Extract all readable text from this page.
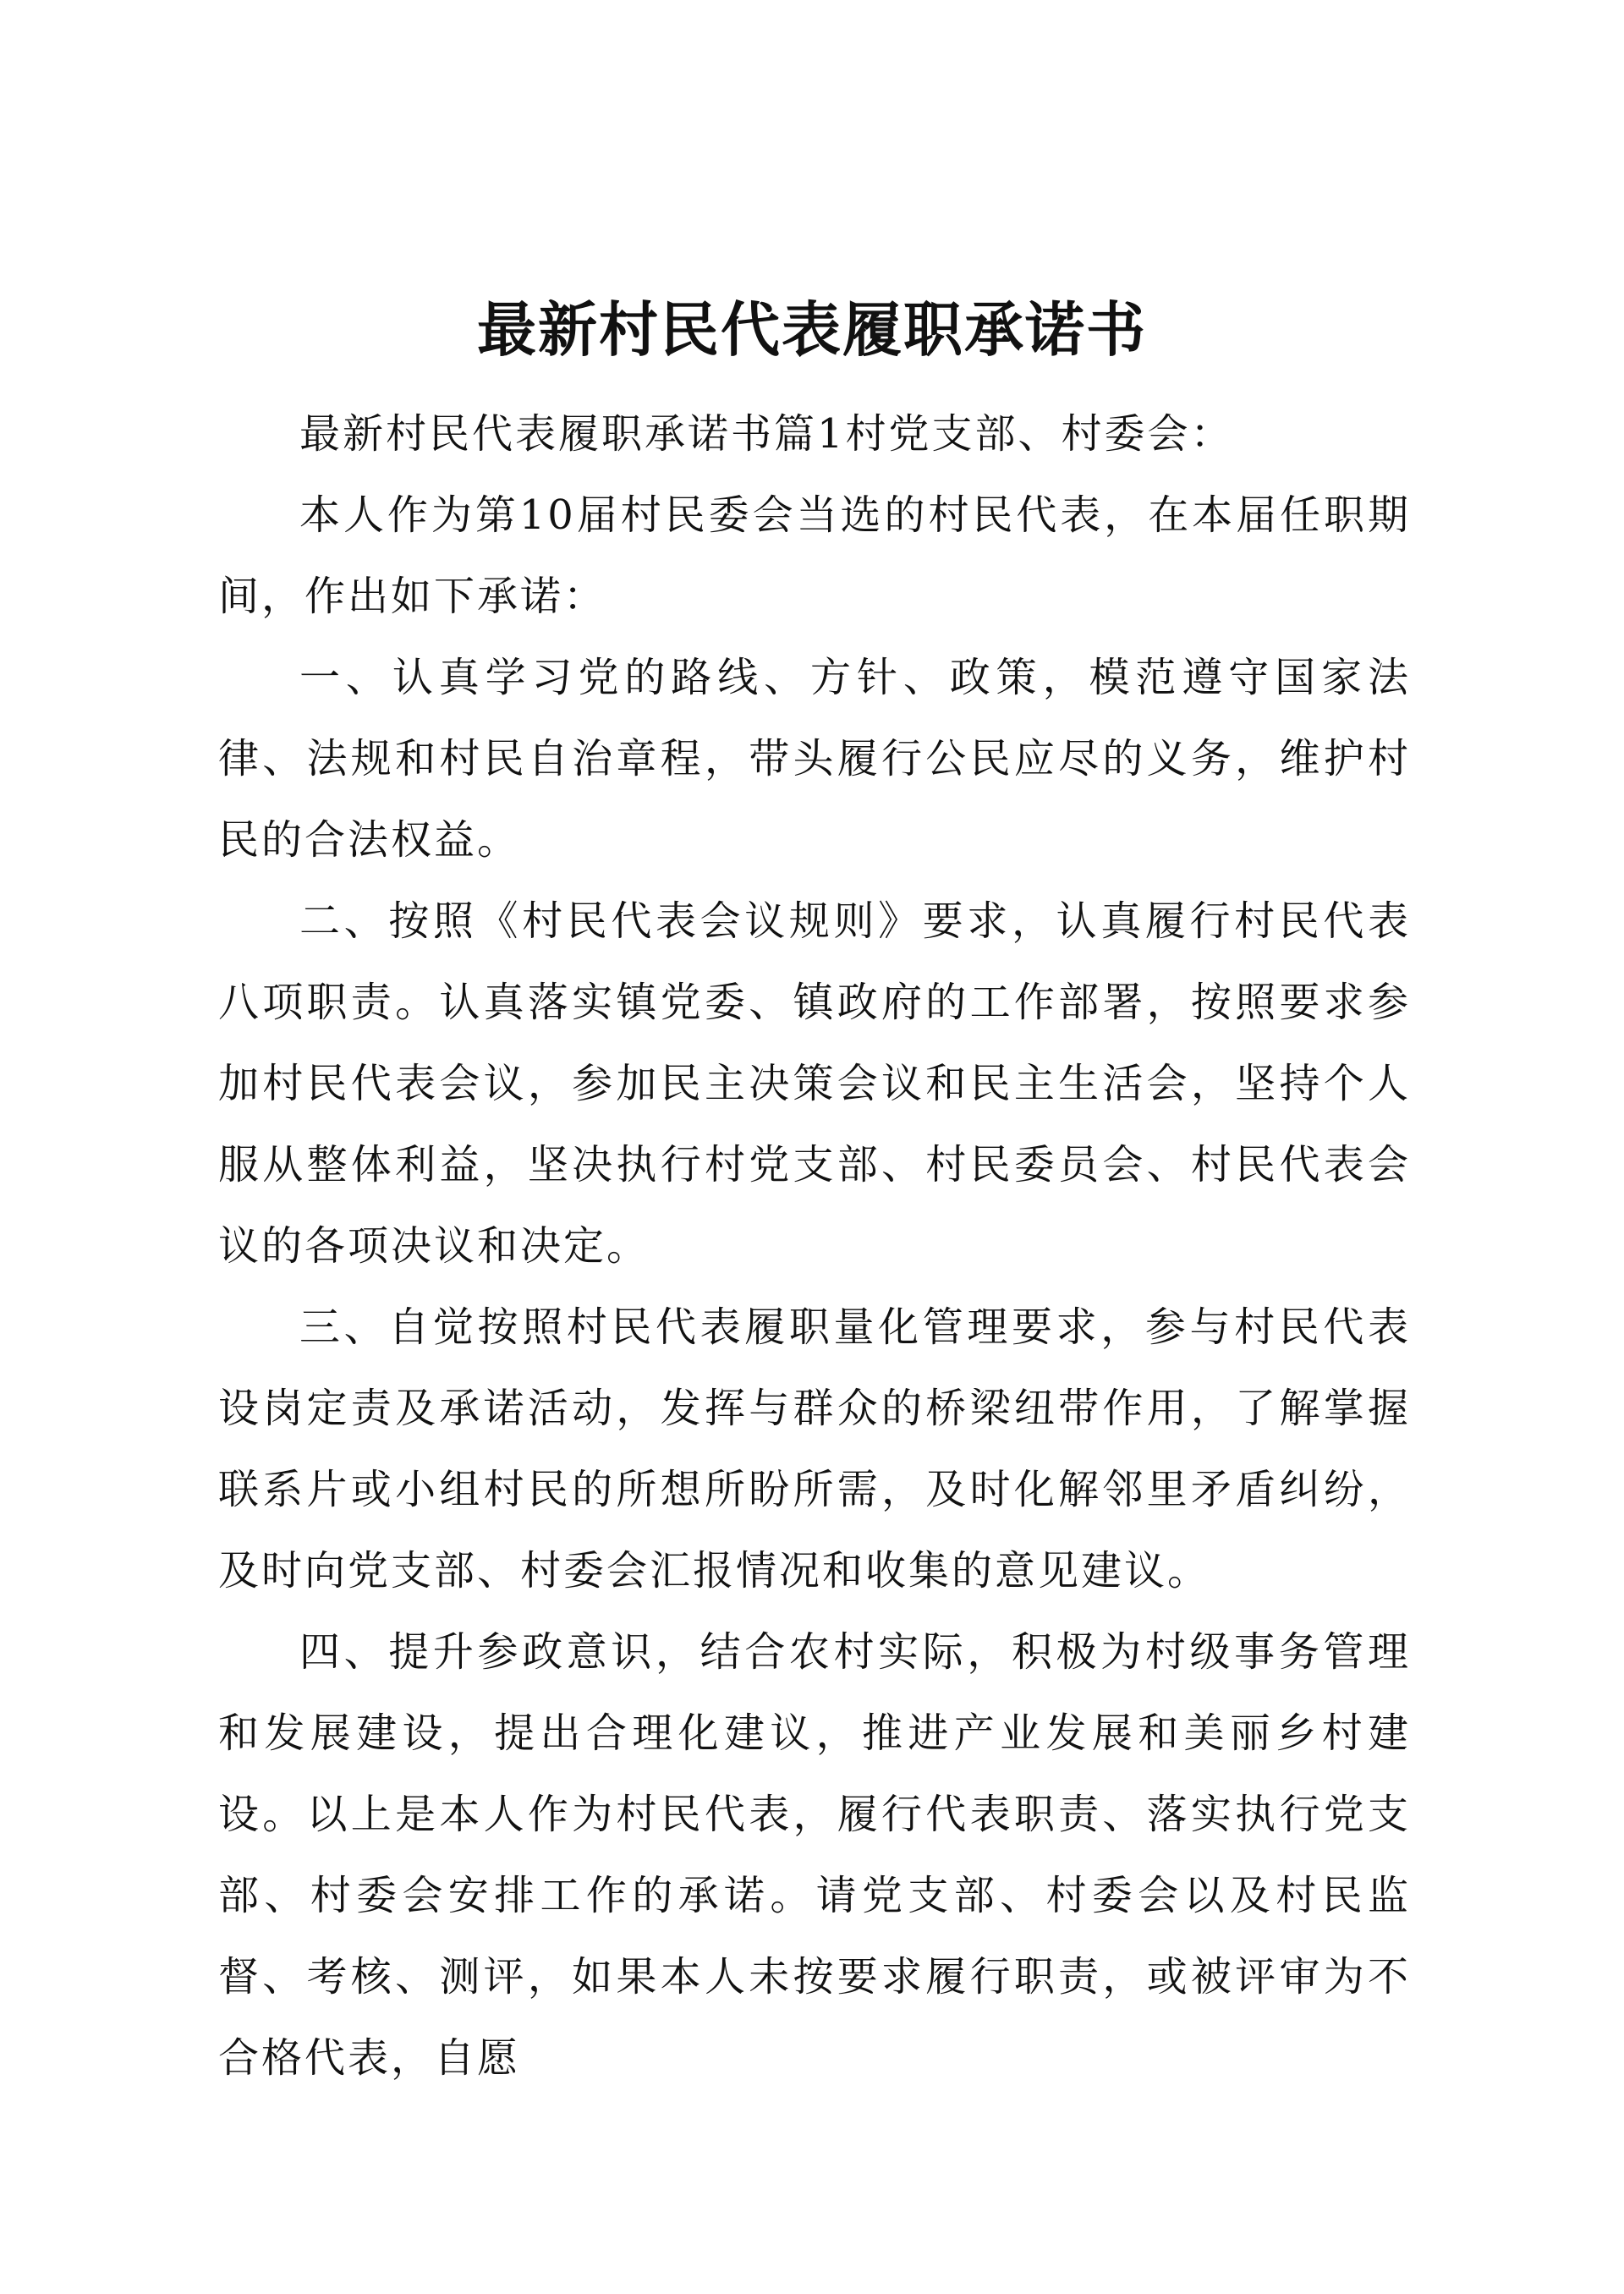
最新村民代表履职承诺书

最新村民代表履职承诺书篇1村党支部、村委会：

本人作为第10届村民委会当选的村民代表，在本届任职期间，作出如下承诺：

一、认真学习党的路线、方针、政策，模范遵守国家法律、法规和村民自治章程，带头履行公民应尽的义务，维护村民的合法权益。

二、按照《村民代表会议规则》要求，认真履行村民代表八项职责。认真落实镇党委、镇政府的工作部署，按照要求参加村民代表会议，参加民主决策会议和民主生活会，坚持个人服从整体利益，坚决执行村党支部、村民委员会、村民代表会议的各项决议和决定。

三、自觉按照村民代表履职量化管理要求，参与村民代表设岗定责及承诺活动，发挥与群众的桥梁纽带作用，了解掌握联系片或小组村民的所想所盼所需，及时化解邻里矛盾纠纷，及时向党支部、村委会汇报情况和收集的意见建议。

四、提升参政意识，结合农村实际，积极为村级事务管理和发展建设，提出合理化建议，推进产业发展和美丽乡村建设。以上是本人作为村民代表，履行代表职责、落实执行党支部、村委会安排工作的承诺。请党支部、村委会以及村民监督、考核、测评，如果本人未按要求履行职责，或被评审为不合格代表，自愿
